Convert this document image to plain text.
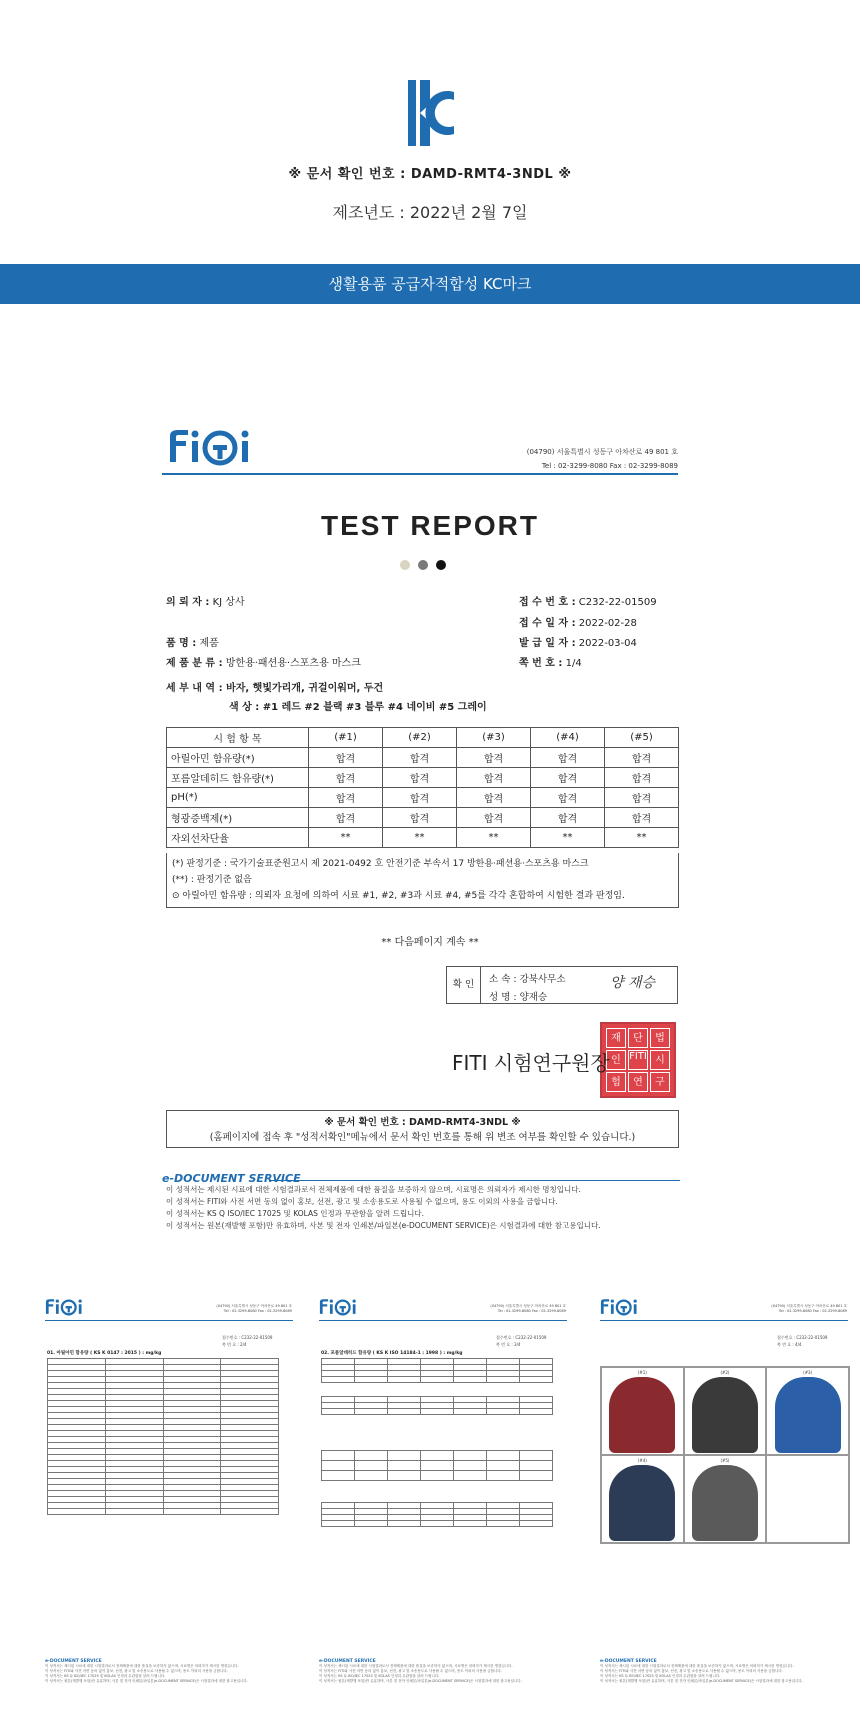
※ 문서 확인 번호 : DAMD-RMT4-3NDL ※
제조년도 : 2022년 2월 7일
생활용품 공급자적합성 KC마크
(04790) 서울특별시 성동구 아차산로 49 801 호
Tel : 02-3299-8080 Fax : 02-3299-8089
TEST REPORT
의 뢰 자 : KJ 상사	접 수 번 호 : C232-22-01509
접 수 일 자 : 2022-02-28
품 명 : 제품	발 급 일 자 : 2022-03-04
제 품 분 류 : 방한용·패션용·스포츠용 마스크	쪽 번 호 : 1/4
세 부 내 역 : 바자, 햇빛가리개, 귀걸이워머, 두건
색 상 : #1 레드 #2 블랙 #3 블루 #4 네이비 #5 그레이
시 험 항 목	(#1)	(#2)	(#3)	(#4)	(#5)
아릴아민 함유량(*)	합격	합격	합격	합격	합격
포름알데히드 함유량(*)	합격	합격	합격	합격	합격
pH(*)	합격	합격	합격	합격	합격
형광증백제(*)	합격	합격	합격	합격	합격
자외선차단율	**	**	**	**	**
(*) 판정기준 : 국가기술표준원고시 제 2021-0492 호 안전기준 부속서 17 방한용·패션용·스포츠용 마스크
(**) : 판정기준 없음
⊙ 아릴아민 함유량 : 의뢰자 요청에 의하여 시료 #1, #2, #3과 시료 #4, #5를 각각 혼합하여 시험한 결과 판정임.
** 다음페이지 계속 **
확 인	소 속 : 강북사무소
성 명 : 양재승
양 재승
재	단	법
인 FITI 시
험	연	구
FITI 시험연구원장
※ 문서 확인 번호 : DAMD-RMT4-3NDL ※
(홈페이지에 접속 후 "성적서확인"메뉴에서 문서 확인 번호를 통해 위 변조 여부를 확인할 수 있습니다.)
e-DOCUMENT SERVICE
이 성적서는 제시된 시료에 대한 시험결과로서 전체제품에 대한 품질을 보증하지 않으며, 시료명은 의뢰자가 제시한 명칭입니다.
이 성적서는 FITI와 사전 서면 동의 없이 홍보, 선전, 광고 및 소송용도로 사용될 수 없으며, 용도 이외의 사용을 금합니다.
이 성적서는 KS Q ISO/IEC 17025 및 KOLAS 인정과 무관함을 알려 드립니다.
이 성적서는 원본(재발행 포함)만 유효하며, 사본 및 전자 인쇄본/파일본(e-DOCUMENT SERVICE)은 시험결과에 대한 참고용입니다.
(04790) 서울특별시 성동구 아차산로 49 801 호
Tel : 02-3299-8080 Fax : 02-3299-8089
접수번호 : C232-22-01509
쪽 번 호 : 2/4
01. 아릴아민 함유량 ( KS K 0147 : 2015 ) : mg/kg

e-DOCUMENT SERVICE
이 성적서는 제시된 시료에 대한 시험결과로서 전체제품에 대한 품질을 보증하지 않으며, 시료명은 의뢰자가 제시한 명칭입니다.
이 성적서는 FITI와 사전 서면 동의 없이 홍보, 선전, 광고 및 소송용도로 사용될 수 없으며, 용도 이외의 사용을 금합니다.
이 성적서는 KS Q ISO/IEC 17025 및 KOLAS 인정과 무관함을 알려 드립니다.
이 성적서는 원본(재발행 포함)만 유효하며, 사본 및 전자 인쇄본/파일본(e-DOCUMENT SERVICE)은 시험결과에 대한 참고용입니다.
(04790) 서울특별시 성동구 아차산로 49 801 호
Tel : 02-3299-8080 Fax : 02-3299-8089
접수번호 : C232-22-01509
쪽 번 호 : 3/4
02. 포름알데히드 함유량 ( KS K ISO 14184-1 : 1998 ) : mg/kg

e-DOCUMENT SERVICE
이 성적서는 제시된 시료에 대한 시험결과로서 전체제품에 대한 품질을 보증하지 않으며, 시료명은 의뢰자가 제시한 명칭입니다.
이 성적서는 FITI와 사전 서면 동의 없이 홍보, 선전, 광고 및 소송용도로 사용될 수 없으며, 용도 이외의 사용을 금합니다.
이 성적서는 KS Q ISO/IEC 17025 및 KOLAS 인정과 무관함을 알려 드립니다.
이 성적서는 원본(재발행 포함)만 유효하며, 사본 및 전자 인쇄본/파일본(e-DOCUMENT SERVICE)은 시험결과에 대한 참고용입니다.
(04790) 서울특별시 성동구 아차산로 49 801 호
Tel : 02-3299-8080 Fax : 02-3299-8089
접수번호 : C232-22-01509
쪽 번 호 : 4/4
(#1)	(#2)	(#3)
(#4)	(#5)
e-DOCUMENT SERVICE
이 성적서는 제시된 시료에 대한 시험결과로서 전체제품에 대한 품질을 보증하지 않으며, 시료명은 의뢰자가 제시한 명칭입니다.
이 성적서는 FITI와 사전 서면 동의 없이 홍보, 선전, 광고 및 소송용도로 사용될 수 없으며, 용도 이외의 사용을 금합니다.
이 성적서는 KS Q ISO/IEC 17025 및 KOLAS 인정과 무관함을 알려 드립니다.
이 성적서는 원본(재발행 포함)만 유효하며, 사본 및 전자 인쇄본/파일본(e-DOCUMENT SERVICE)은 시험결과에 대한 참고용입니다.
